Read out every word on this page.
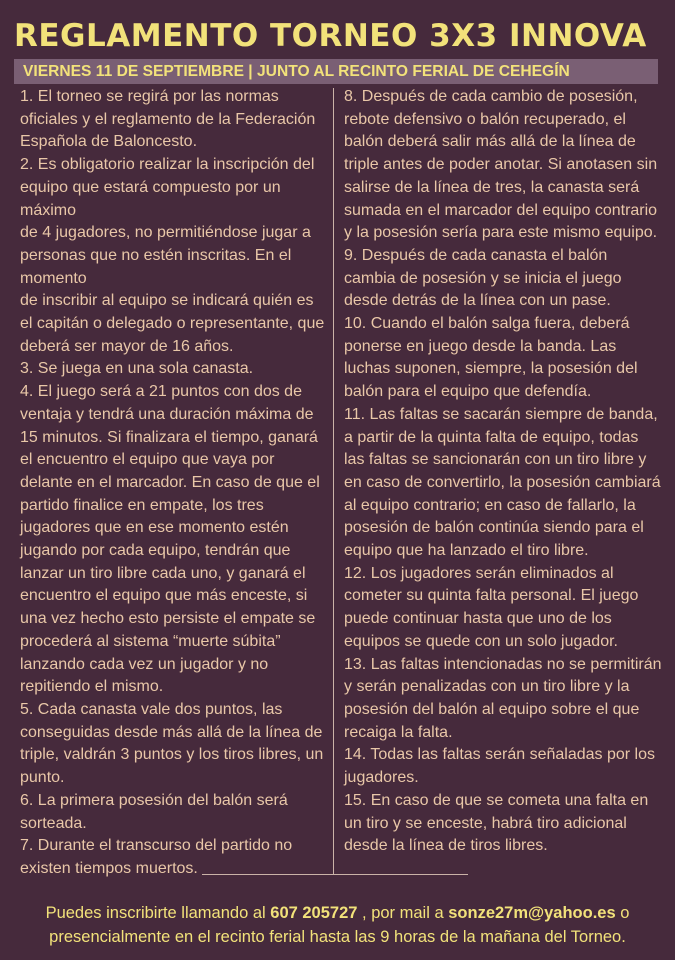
REGLAMENTO TORNEO 3X3 INNOVA
VIERNES 11 DE SEPTIEMBRE | JUNTO AL RECINTO FERIAL DE CEHEGÍN

1. El torneo se regirá por las normas oficiales y el reglamento de la Federación Española de Baloncesto.

2. Es obligatorio realizar la inscripción del equipo que estará compuesto por un máximo

de 4 jugadores, no permitiéndose jugar a personas que no estén inscritas. En el momento

de inscribir al equipo se indicará quién es el capitán o delegado o representante, que deberá ser mayor de 16 años.

3. Se juega en una sola canasta.

4. El juego será a 21 puntos con dos de ventaja y tendrá una duración máxima de 15 minutos. Si finalizara el tiempo, ganará el encuentro el equipo que vaya por delante en el marcador. En caso de que el partido finalice en empate, los tres jugadores que en ese momento estén jugando por cada equipo, tendrán que lanzar un tiro libre cada uno, y ganará el encuentro el equipo que más enceste, si una vez hecho esto persiste el empate se procederá al sistema “muerte súbita” lanzando cada vez un jugador y no repitiendo el mismo.

5. Cada canasta vale dos puntos, las conseguidas desde más allá de la línea de triple, valdrán 3 puntos y los tiros libres, un punto.

6. La primera posesión del balón será sorteada.

7. Durante el transcurso del partido no existen tiempos muertos.

8. Después de cada cambio de posesión, rebote defensivo o balón recuperado, el balón deberá salir más allá de la línea de triple antes de poder anotar. Si anotasen sin salirse de la línea de tres, la canasta será sumada en el marcador del equipo contrario y la posesión sería para este mismo equipo.

9. Después de cada canasta el balón cambia de posesión y se inicia el juego desde detrás de la línea con un pase.

10. Cuando el balón salga fuera, deberá ponerse en juego desde la banda. Las luchas suponen, siempre, la posesión del balón para el equipo que defendía.

11. Las faltas se sacarán siempre de banda, a partir de la quinta falta de equipo, todas las faltas se sancionarán con un tiro libre y en caso de convertirlo, la posesión cambiará al equipo contrario; en caso de fallarlo, la posesión de balón continúa siendo para el equipo que ha lanzado el tiro libre.

12. Los jugadores serán eliminados al cometer su quinta falta personal. El juego puede continuar hasta que uno de los equipos se quede con un solo jugador.

13. Las faltas intencionadas no se permitirán y serán penalizadas con un tiro libre y la posesión del balón al equipo sobre el que recaiga la falta.

14. Todas las faltas serán señaladas por los jugadores.

15. En caso de que se cometa una falta en un tiro y se enceste, habrá tiro adicional desde la línea de tiros libres.

Puedes inscribirte llamando al 607 205727 , por mail a sonze27m@yahoo.es o
presencialmente en el recinto ferial hasta las 9 horas de la mañana del Torneo.
